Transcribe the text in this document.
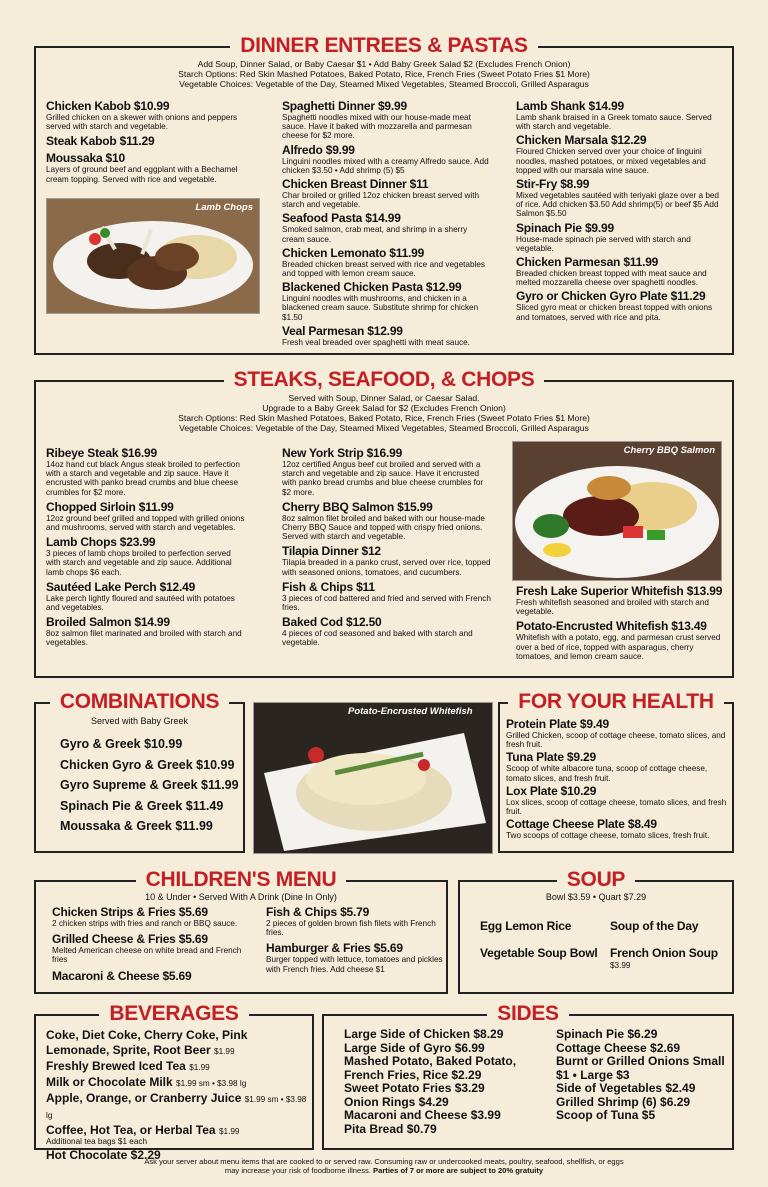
DINNER ENTREES & PASTAS
Add Soup, Dinner Salad, or Baby Caesar $1 • Add Baby Greek Salad $2 (Excludes French Onion)
Starch Options: Red Skin Mashed Potatoes, Baked Potato, Rice, French Fries (Sweet Potato Fries $1 More)
Vegetable Choices: Vegetable of the Day, Steamed Mixed Vegetables, Steamed Broccoli, Grilled Asparagus
Chicken Kabob $10.99
Grilled chicken on a skewer with onions and peppers served with starch and vegetable.
Steak Kabob $11.29
Moussaka $10
Layers of ground beef and eggplant with a Bechamel cream topping. Served with rice and vegetable.
Lamb Chops
Spaghetti Dinner $9.99
Spaghetti noodles mixed with our house-made meat sauce. Have it baked with mozzarella and parmesan cheese for $2 more.
Alfredo $9.99
Linguini noodles mixed with a creamy Alfredo sauce. Add chicken $3.50 • Add shrimp (5) $5
Chicken Breast Dinner $11
Char broiled or grilled 12oz chicken breast served with starch and vegetable.
Seafood Pasta $14.99
Smoked salmon, crab meat, and shrimp in a sherry cream sauce.
Chicken Lemonato $11.99
Breaded chicken breast served with rice and vegetables and topped with lemon cream sauce.
Blackened Chicken Pasta $12.99
Linguini noodles with mushrooms, and chicken in a blackened cream sauce. Substitute shrimp for chicken $1.50
Veal Parmesan $12.99
Fresh veal breaded over spaghetti with meat sauce.
Lamb Shank $14.99
Lamb shank braised in a Greek tomato sauce. Served with starch and vegetable.
Chicken Marsala $12.29
Floured Chicken served over your choice of linguini noodles, mashed potatoes, or mixed vegetables and topped with our marsala wine sauce.
Stir-Fry $8.99
Mixed vegetables sautéed with teriyaki glaze over a bed of rice. Add chicken $3.50 Add shrimp(5) or beef $5 Add Salmon $5.50
Spinach Pie $9.99
House-made spinach pie served with starch and vegetable.
Chicken Parmesan $11.99
Breaded chicken breast topped with meat sauce and melted mozzarella cheese over spaghetti noodles.
Gyro or Chicken Gyro Plate $11.29
Sliced gyro meat or chicken breast topped with onions and tomatoes, served with rice and pita.
STEAKS, SEAFOOD, & CHOPS
Served with Soup, Dinner Salad, or Caesar Salad.
Upgrade to a Baby Greek Salad for $2 (Excludes French Onion)
Starch Options: Red Skin Mashed Potatoes, Baked Potato, Rice, French Fries (Sweet Potato Fries $1 More)
Vegetable Choices: Vegetable of the Day, Steamed Mixed Vegetables, Steamed Broccoli, Grilled Asparagus
Ribeye Steak $16.99
14oz hand cut black Angus steak broiled to perfection with a starch and vegetable and zip sauce. Have it encrusted with panko bread crumbs and blue cheese crumbles for $2 more.
Chopped Sirloin $11.99
12oz ground beef grilled and topped with grilled onions and mushrooms, served with starch and vegetables.
Lamb Chops $23.99
3 pieces of lamb chops broiled to perfection served with starch and vegetable and zip sauce. Additional lamb chops $6 each.
Sautéed Lake Perch $12.49
Lake perch lightly floured and sautéed with potatoes and vegetables.
Broiled Salmon $14.99
8oz salmon filet marinated and broiled with starch and vegetables.
New York Strip $16.99
12oz certified Angus beef cut broiled and served with a starch and vegetable and zip sauce. Have it encrusted with panko bread crumbs and blue cheese crumbles for $2 more.
Cherry BBQ Salmon $15.99
8oz salmon filet broiled and baked with our house-made Cherry BBQ Sauce and topped with crispy fried onions. Served with starch and vegetable.
Tilapia Dinner $12
Tilapia breaded in a panko crust, served over rice, topped with seasoned onions, tomatoes, and cucumbers.
Fish & Chips $11
3 pieces of cod battered and fried and served with French fries.
Baked Cod $12.50
4 pieces of cod seasoned and baked with starch and vegetable.
Cherry BBQ Salmon
Fresh Lake Superior Whitefish $13.99
Fresh whitefish seasoned and broiled with starch and vegetable.
Potato-Encrusted Whitefish $13.49
Whitefish with a potato, egg, and parmesan crust served over a bed of rice, topped with asparagus, cherry tomatoes, and lemon cream sauce.
COMBINATIONS
Served with Baby Greek
Gyro & Greek $10.99
Chicken Gyro & Greek $10.99
Gyro Supreme & Greek $11.99
Spinach Pie & Greek $11.49
Moussaka & Greek $11.99
Potato-Encrusted Whitefish	FOR YOUR HEALTH
Protein Plate $9.49
Grilled Chicken, scoop of cottage cheese, tomato slices, and fresh fruit.
Tuna Plate $9.29
Scoop of white albacore tuna, scoop of cottage cheese, tomato slices, and fresh fruit.
Lox Plate $10.29
Lox slices, scoop of cottage cheese, tomato slices, and fresh fruit.
Cottage Cheese Plate $8.49
Two scoops of cottage cheese, tomato slices, fresh fruit.
CHILDREN'S MENU
10 & Under • Served With A Drink (Dine In Only)
Chicken Strips & Fries $5.69
2 chicken strips with fries and ranch or BBQ sauce.
Grilled Cheese & Fries $5.69
Melted American cheese on white bread and French fries
Macaroni & Cheese $5.69
Fish & Chips $5.79
2 pieces of golden brown fish filets with French fries.
Hamburger & Fries $5.69
Burger topped with lettuce, tomatoes and pickles with French fries. Add cheese $1
SOUP
Bowl $3.59 • Quart $7.29
Egg Lemon Rice	Soup of the Day
Vegetable Soup Bowl French Onion Soup
$3.99
BEVERAGES
Coke, Diet Coke, Cherry Coke, Pink Lemonade, Sprite, Root Beer $1.99
Freshly Brewed Iced Tea $1.99
Milk or Chocolate Milk $1.99 sm • $3.98 lg
Apple, Orange, or Cranberry Juice $1.99 sm • $3.98 lg
Coffee, Hot Tea, or Herbal Tea $1.99
Additional tea bags $1 each
Hot Chocolate $2.29
SIDES
Large Side of Chicken $8.29
Large Side of Gyro $6.99
Mashed Potato, Baked Potato, French Fries, Rice $2.29
Sweet Potato Fries $3.29
Onion Rings $4.29
Macaroni and Cheese $3.99
Pita Bread $0.79
Spinach Pie $6.29
Cottage Cheese $2.69
Burnt or Grilled Onions Small $1 • Large $3
Side of Vegetables $2.49
Grilled Shrimp (6) $6.29
Scoop of Tuna $5
Ask your server about menu items that are cooked to or served raw. Consuming raw or undercooked meats, poultry, seafood, shellfish, or eggs
may increase your risk of foodborne illness. Parties of 7 or more are subject to 20% gratuity
